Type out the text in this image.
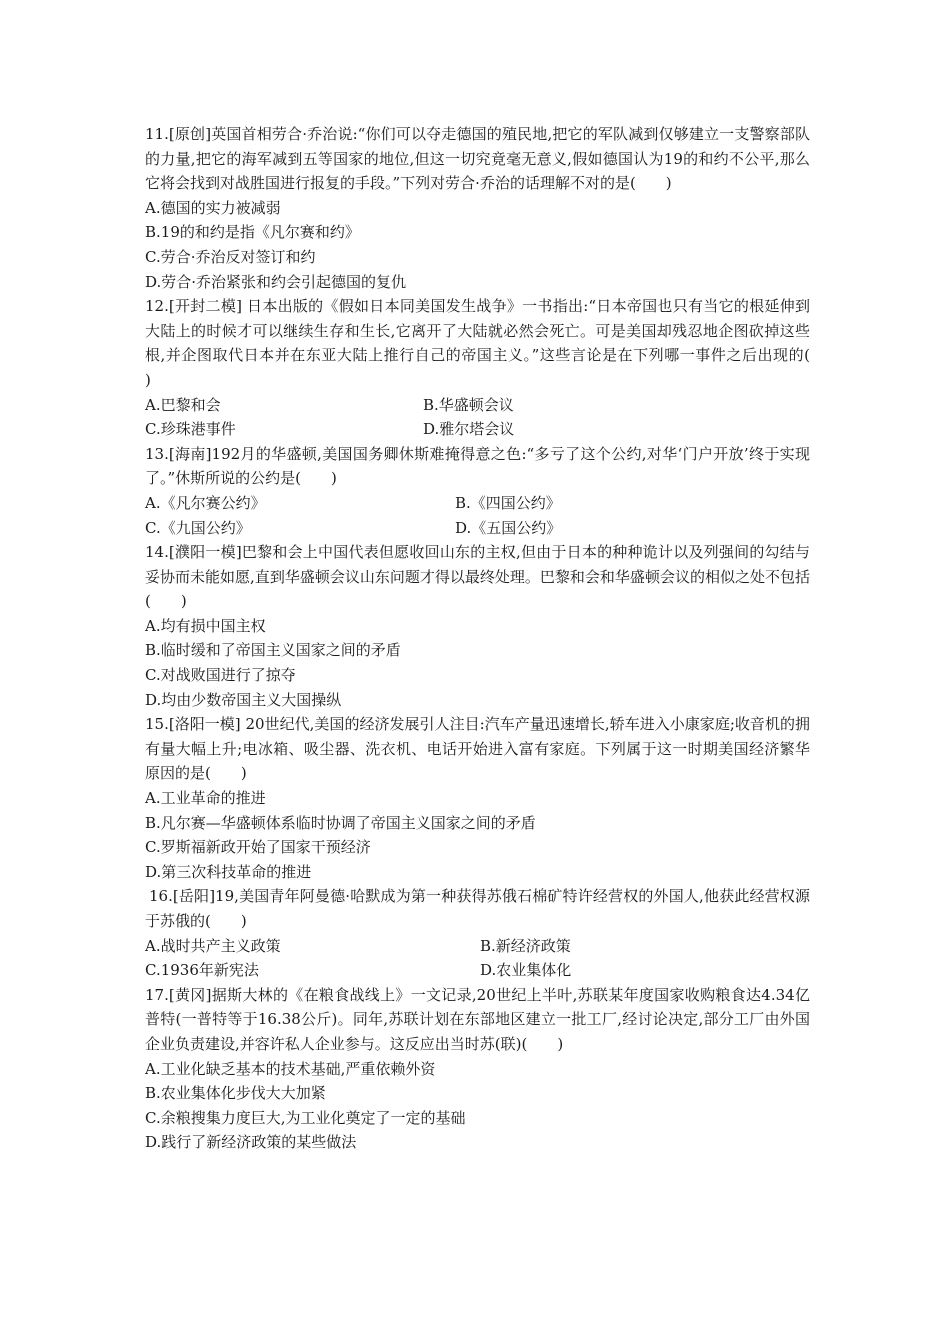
11.[原创]英国首相劳合·乔治说:“你们可以夺走德国的殖民地,把它的军队减到仅够建立一支警察部队的力量,把它的海军减到五等国家的地位,但这一切究竟毫无意义,假如德国认为19的和约不公平,那么它将会找到对战胜国进行报复的手段。”下列对劳合·乔治的话理解不对的是(　　)

A.德国的实力被减弱

B.19的和约是指《凡尔赛和约》

C.劳合·乔治反对签订和约

D.劳合·乔治紧张和约会引起德国的复仇

12.[开封二模] 日本出版的《假如日本同美国发生战争》一书指出:“日本帝国也只有当它的根延伸到大陆上的时候才可以继续生存和生长,它离开了大陆就必然会死亡。可是美国却残忍地企图砍掉这些根,并企图取代日本并在东亚大陆上推行自己的帝国主义。”这些言论是在下列哪一事件之后出现的(　　)

A.巴黎和会	B.华盛顿会议
C.珍珠港事件	D.雅尔塔会议

13.[海南]192月的华盛顿,美国国务卿休斯难掩得意之色:“多亏了这个公约,对华‘门户开放’终于实现了。”休斯所说的公约是(　　)

A.《凡尔赛公约》	B.《四国公约》
C.《九国公约》	D.《五国公约》

14.[濮阳一模]巴黎和会上中国代表但愿收回山东的主权,但由于日本的种种诡计以及列强间的勾结与妥协而未能如愿,直到华盛顿会议山东问题才得以最终处理。巴黎和会和华盛顿会议的相似之处不包括(　　)

A.均有损中国主权

B.临时缓和了帝国主义国家之间的矛盾

C.对战败国进行了掠夺

D.均由少数帝国主义大国操纵

15.[洛阳一模] 20世纪代,美国的经济发展引人注目:汽车产量迅速增长,轿车进入小康家庭;收音机的拥有量大幅上升;电冰箱、吸尘器、洗衣机、电话开始进入富有家庭。下列属于这一时期美国经济繁华原因的是(　　)

A.工业革命的推进

B.凡尔赛—华盛顿体系临时协调了帝国主义国家之间的矛盾

C.罗斯福新政开始了国家干预经济

D.第三次科技革命的推进

16.[岳阳]19,美国青年阿曼德·哈默成为第一种获得苏俄石棉矿特许经营权的外国人,他获此经营权源于苏俄的(　　)

A.战时共产主义政策	B.新经济政策
C.1936年新宪法	D.农业集体化

17.[黄冈]据斯大林的《在粮食战线上》一文记录,20世纪上半叶,苏联某年度国家收购粮食达4.34亿普特(一普特等于16.38公斤)。同年,苏联计划在东部地区建立一批工厂,经讨论决定,部分工厂由外国企业负责建设,并容许私人企业参与。这反应出当时苏(联)(　　)

A.工业化缺乏基本的技术基础,严重依赖外资

B.农业集体化步伐大大加紧

C.余粮搜集力度巨大,为工业化奠定了一定的基础

D.践行了新经济政策的某些做法
